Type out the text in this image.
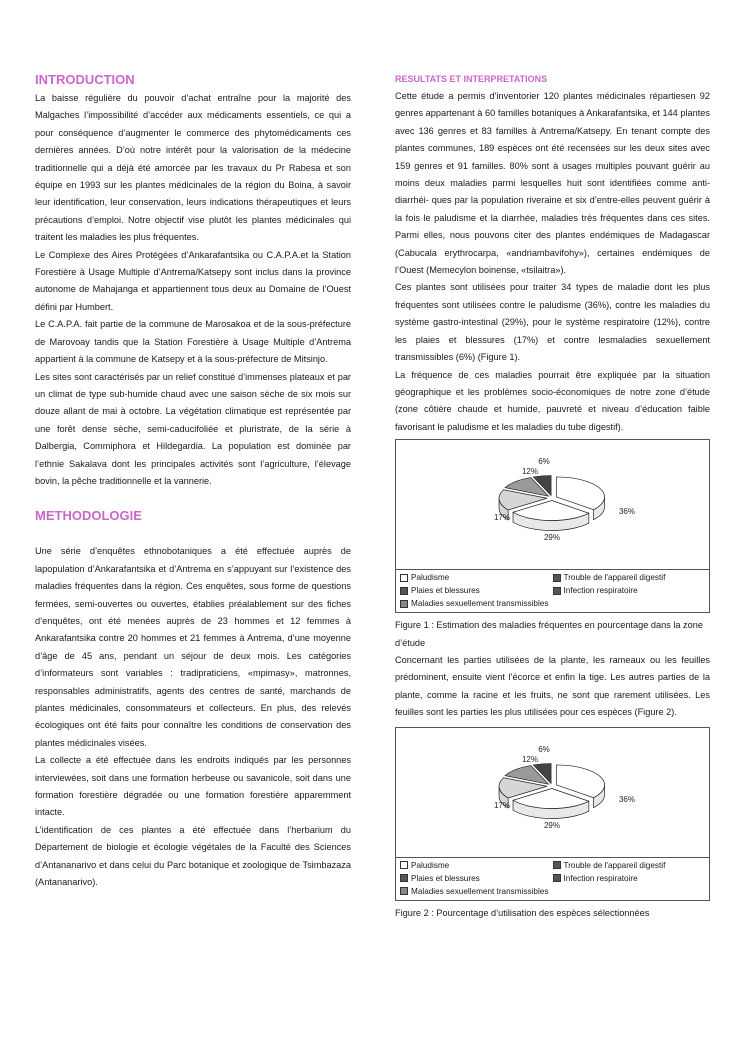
INTRODUCTION

La baisse régulière du pouvoir d’achat entraîne pour la majorité des Malgaches l’impossibilité d’accéder aux médicaments essentiels, ce qui a pour conséquence d’augmenter le commerce des phytomédicaments ces dernières années. D’où notre intérêt pour la valorisation de la médecine traditionnelle qui a déjà été amorcée par les travaux du Pr Rabesa et son équipe en 1993 sur les plantes médicinales de la région du Boina, à savoir leur identification, leur conservation, leurs indications thérapeutiques et leurs précautions d’emploi. Notre objectif vise plutôt les plantes médicinales qui traitent les maladies les plus fréquentes.

Le Complexe des Aires Protégées d’Ankarafantsika ou C.A.P.A.et la Station Forestière à Usage Multiple d’Antrema/Katsepy sont inclus dans la province autonome de Mahajanga et appartiennent tous deux au Domaine de l’Ouest défini par Humbert.

Le C.A.P.A. fait partie de la commune de Marosakoa et de la sous-préfecture de Marovoay tandis que la Station Forestière à Usage Multiple d’Antrema appartient à la commune de Katsepy et à la sous-préfecture de Mitsinjo.

Les sites sont caractérisés par un relief constitué d’immenses plateaux et par un climat de type sub-humide chaud avec une saison sèche de six mois sur douze allant de mai à octobre. La végétation climatique est représentée par une forêt dense sèche, semi-caducifoliée et pluristrate, de la série à Dalbergia, Commiphora et Hildegardia. La population est dominée par l’ethnie Sakalava dont les principales activités sont l’agriculture, l’élevage bovin, la pêche traditionnelle et la vannerie.

METHODOLOGIE

Une série d’enquêtes ethnobotaniques a été effectuée auprès de lapopulation d’Ankarafantsika et d’Antrema en s’appuyant sur l’existence des maladies fréquentes dans la région. Ces enquêtes, sous forme de questions fermées, semi-ouvertes ou ouvertes, établies préalablement sur des fiches d’enquêtes, ont été menées auprès de 23 hommes et 12 femmes à Ankarafantsika contre 20 hommes et 21 femmes à Antrema, d’une moyenne d’âge de 45 ans, pendant un séjour de deux mois. Les catégories d’informateurs sont variables : tradipraticiens, «mpimasy», matronnes, responsables administratifs, agents des centres de santé, marchands de plantes médicinales, consommateurs et collecteurs. En plus, des relevés écologiques ont été faits pour connaître les conditions de conservation des plantes médicinales visées.

La collecte a été effectuée dans les endroits indiqués par les personnes interviewées, soit dans une formation herbeuse ou savanicole, soit dans une formation forestière dégradée ou une formation forestière apparemment intacte.

L’identification de ces plantes a été effectuée dans l’herbarium du Département de biologie et écologie végétales de la Faculté des Sciences d’Antananarivo et dans celui du Parc botanique et zoologique de Tsimbazaza (Antananarivo).

RESULTATS ET INTERPRETATIONS

Cette étude a permis d’inventorier 120 plantes médicinales répartiesen 92 genres appartenant à 60 familles botaniques à Ankarafantsika, et 144 plantes avec 136 genres et 83 familles à Antrema/Katsepy. En tenant compte des plantes communes, 189 espèces ont été recensées sur les deux sites avec 159 genres et 91 familles. 80% sont à usages multiples pouvant guérir au moins deux maladies parmi lesquelles huit sont identifiées comme anti-diarrhéi- ques par la population riveraine et six d’entre-elles peuvent guérir à la fois le paludisme et la diarrhée, maladies très fréquentes dans ces sites. Parmi elles, nous pouvons citer des plantes endémiques de Madagascar (Cabucala erythrocarpa, «andriambavifohy»), certaines endémiques de l’Ouest (Memecylon boinense, «tsilaitra»).

Ces plantes sont utilisées pour traiter 34 types de maladie dont les plus fréquentes sont utilisées contre le paludisme (36%), contre les maladies du système gastro-intestinal (29%), pour le système respiratoire (12%), contre les plaies et blessures (17%) et contre lesmaladies sexuellement transmissibles (6%) (Figure 1).

La fréquence de ces maladies pourrait être expliquée par la situation géographique et les problèmes socio-économiques de notre zone d’étude (zone côtière chaude et humide, pauvreté et niveau d’éducation faible favorisant le paludisme et les maladies du tube digestif).

36%
29%
17%
12%
6%
Paludisme	Trouble de l'appareil digestif
Plaies et blessures	Infection respiratoire
Maladies sexuellement transmissibles

Figure 1 : Estimation des maladies fréquentes en pourcentage dans la zone d’étude

Concernant les parties utilisées de la plante, les rameaux ou les feuilles prédominent, ensuite vient l’écorce et enfin la tige. Les autres parties de la plante, comme la racine et les fruits, ne sont que rarement utilisées. Les feuilles sont les parties les plus utilisées pour ces espèces (Figure 2).

36%
29%
17%
12%
6%
Paludisme	Trouble de l'appareil digestif
Plaies et blessures	Infection respiratoire
Maladies sexuellement transmissibles

Figure 2 : Pourcentage d’utilisation des espèces sélectionnées
